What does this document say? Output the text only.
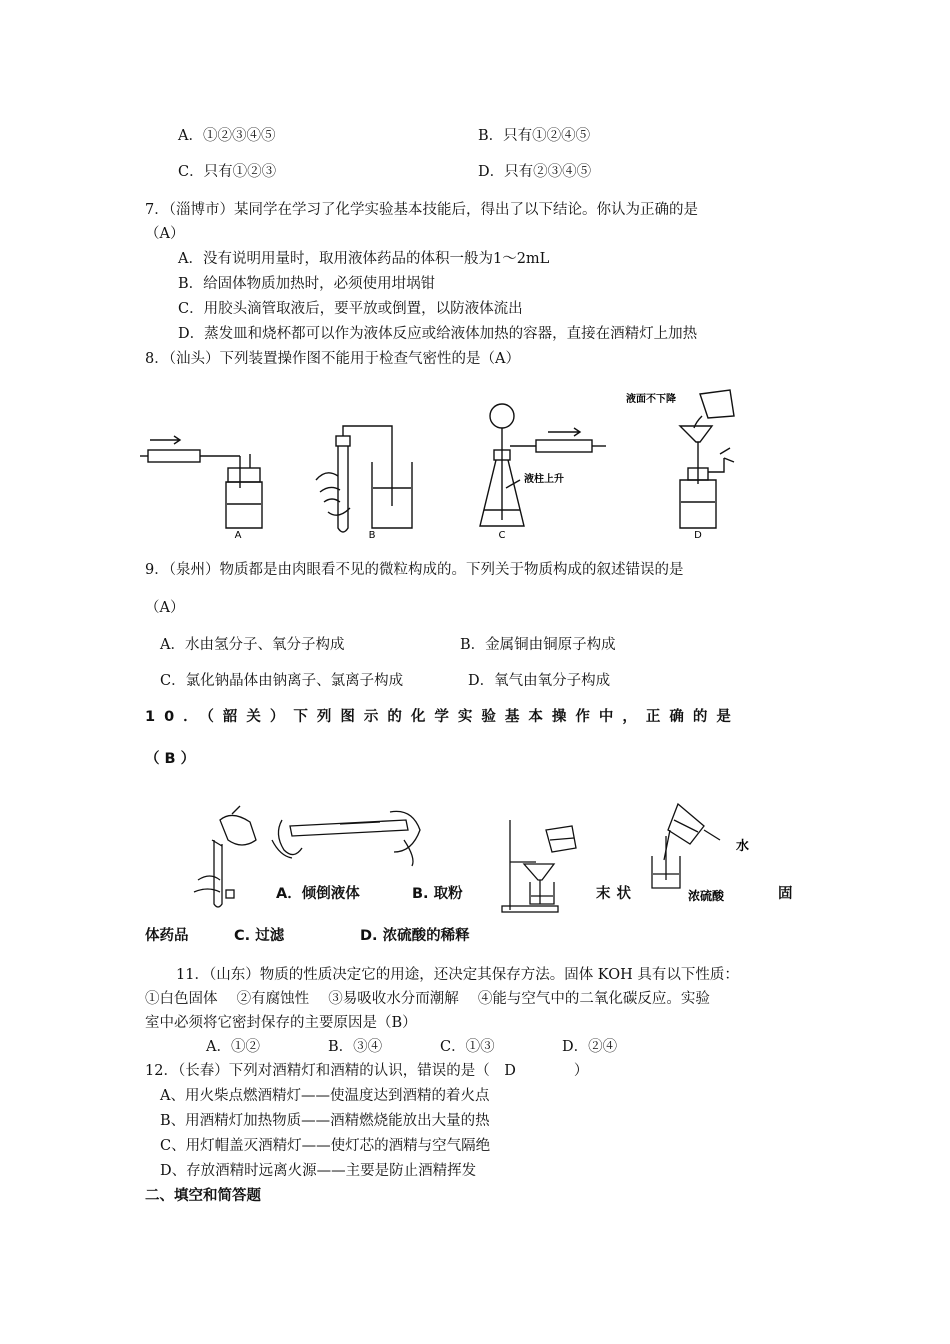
A．①②③④⑤	B．只有①②④⑤
C．只有①②③	D．只有②③④⑤
7．（淄博市）某同学在学习了化学实验基本技能后，得出了以下结论。你认为正确的是
（A）
A．没有说明用量时，取用液体药品的体积一般为1～2mL
B．给固体物质加热时，必须使用坩埚钳
C．用胶头滴管取液后，要平放或倒置，以防液体流出
D．蒸发皿和烧杯都可以作为液体反应或给液体加热的容器，直接在酒精灯上加热
8．（汕头）下列装置操作图不能用于检查气密性的是（A）
A	B	C	D
液柱上升
液面不下降
9．（泉州）物质都是由肉眼看不见的微粒构成的。下列关于物质构成的叙述错误的是
（A）
A．水由氢分子、氧分子构成	B．金属铜由铜原子构成
C．氯化钠晶体由钠离子、氯离子构成	D．氧气由氧分子构成
10．（韶关）下列图示的化学实验基本操作中，正确的是
（ B ）
水
浓硫酸
A．倾倒液体	B. 取粉	末状	固
体药品	C. 过滤	D. 浓硫酸的稀释
11．（山东）物质的性质决定它的用途，还决定其保存方法。固体 KOH 具有以下性质：
①白色固体　 ②有腐蚀性　 ③易吸收水分而潮解　 ④能与空气中的二氧化碳反应。实验
室中必须将它密封保存的主要原因是（B）
A．①②	B．③④	C．①③	D．②④
12．（长春）下列对酒精灯和酒精的认识，错误的是（　D　　　　）
A、用火柴点燃酒精灯——使温度达到酒精的着火点
B、用酒精灯加热物质——酒精燃烧能放出大量的热
C、用灯帽盖灭酒精灯——使灯芯的酒精与空气隔绝
D、存放酒精时远离火源——主要是防止酒精挥发
二、填空和简答题
